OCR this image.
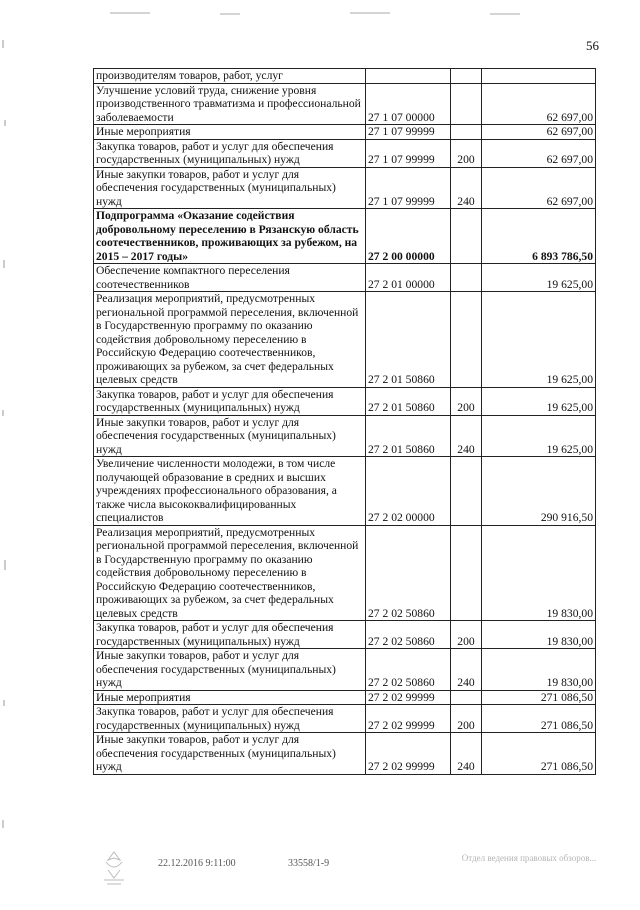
56
производителям товаров, работ, услуг			
Улучшение условий труда, снижение уровня производственного травматизма и профессиональной заболеваемости	27 1 07 00000		62 697,00
Иные мероприятия	27 1 07 99999		62 697,00
Закупка товаров, работ и услуг для обеспечения государственных (муниципальных) нужд	27 1 07 99999	200	62 697,00
Иные закупки товаров, работ и услуг для обеспечения государственных (муниципальных) нужд	27 1 07 99999	240	62 697,00
Подпрограмма «Оказание содействия добровольному переселению в Рязанскую область соотечественников, проживающих за рубежом, на 2015 – 2017 годы»	27 2 00 00000		6 893 786,50
Обеспечение компактного переселения соотечественников	27 2 01 00000		19 625,00
Реализация мероприятий, предусмотренных региональной программой переселения, включенной в Государственную программу по оказанию содействия добровольному переселению в Российскую Федерацию соотечественников, проживающих за рубежом, за счет федеральных целевых средств	27 2 01 50860		19 625,00
Закупка товаров, работ и услуг для обеспечения государственных (муниципальных) нужд	27 2 01 50860	200	19 625,00
Иные закупки товаров, работ и услуг для обеспечения государственных (муниципальных) нужд	27 2 01 50860	240	19 625,00
Увеличение численности молодежи, в том числе получающей образование в средних и высших учреждениях профессионального образования, а также числа высококвалифицированных специалистов	27 2 02 00000		290 916,50
Реализация мероприятий, предусмотренных региональной программой переселения, включенной в Государственную программу по оказанию содействия добровольному переселению в Российскую Федерацию соотечественников, проживающих за рубежом, за счет федеральных целевых средств	27 2 02 50860		19 830,00
Закупка товаров, работ и услуг для обеспечения государственных (муниципальных) нужд	27 2 02 50860	200	19 830,00
Иные закупки товаров, работ и услуг для обеспечения государственных (муниципальных) нужд	27 2 02 50860	240	19 830,00
Иные мероприятия	27 2 02 99999		271 086,50
Закупка товаров, работ и услуг для обеспечения государственных (муниципальных) нужд	27 2 02 99999	200	271 086,50
Иные закупки товаров, работ и услуг для обеспечения государственных (муниципальных) нужд	27 2 02 99999	240	271 086,50
22.12.2016 9:11:00	33558/1-9	Отдел ведения правовых обзоров...
